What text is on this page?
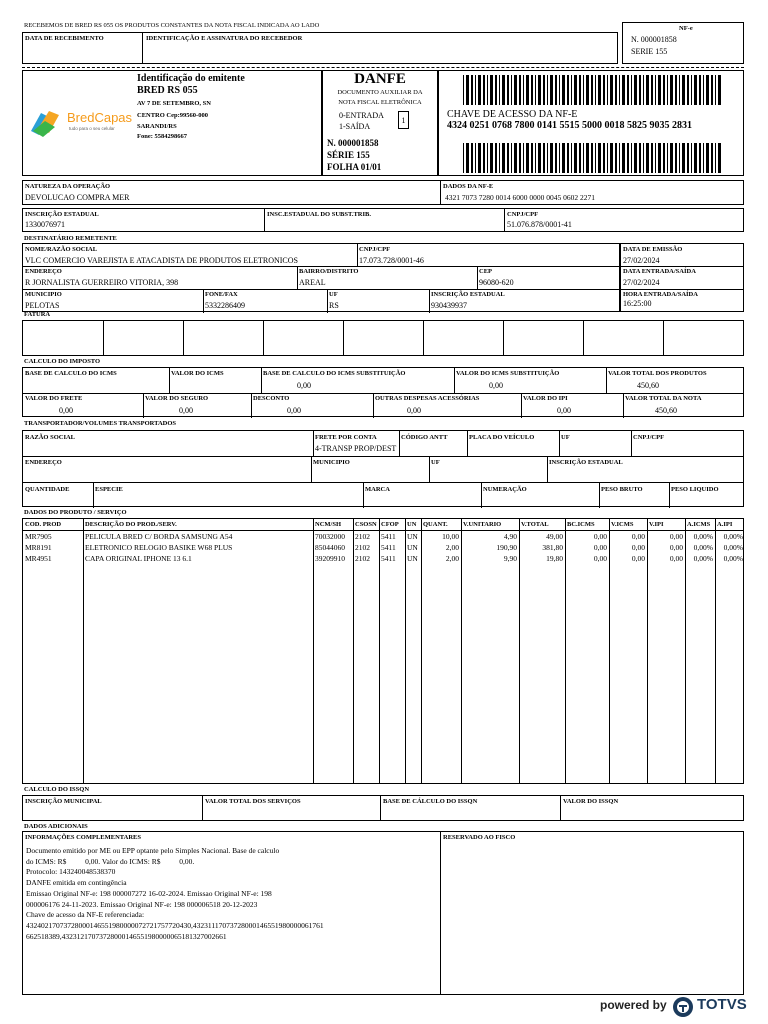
RECEBEMOS DE BRED RS 055 OS PRODUTOS CONSTANTES DA NOTA FISCAL INDICADA AO LADO
DATA DE RECEBIMENTO	IDENTIFICAÇÃO E ASSINATURA DO RECEBEDOR
NF-e
N. 000001858
SERIE 155
BredCapas
tudo para o seu celular
Identificação do emitente
BRED RS 055
AV 7 DE SETEMBRO, SN
CENTRO Cep:99560-000
SARANDI/RS
Fone: 5584298667
DANFE
DOCUMENTO AUXILIAR DA
NOTA FISCAL ELETRÔNICA
0-ENTRADA
1-SAÍDA
1
N. 000001858
SÉRIE 155
FOLHA 01/01
CHAVE DE ACESSO DA NF-E
4324 0251 0768 7800 0141 5515 5000 0018 5825 9035 2831
NATUREZA DA OPERAÇÃO
DEVOLUCAO COMPRA MER
DADOS DA NF-E
4321 7073 7280 0014 6000 0000 0045 0602 2271
INSCRIÇÃO ESTADUAL
1330076971
INSC.ESTADUAL DO SUBST.TRIB.	CNPJ/CPF
51.076.878/0001-41
DESTINATÁRIO REMETENTE
NOME/RAZÃO SOCIAL
VLC COMERCIO VAREJISTA E ATACADISTA DE PRODUTOS ELETRONICOS
CNPJ/CPF
17.073.728/0001-46
ENDEREÇO
R JORNALISTA GUERREIRO VITORIA, 398
BAIRRO/DISTRITO
AREAL
CEP
96080-620
MUNICIPIO
PELOTAS
FONE/FAX
5332286409
UF
RS
INSCRIÇÃO ESTADUAL
930439937
DATA DE EMISSÃO
27/02/2024
DATA ENTRADA/SAÍDA
27/02/2024
HORA ENTRADA/SAÍDA
16:25:00
FATURA
CALCULO DO IMPOSTO
BASE DE CALCULO DO ICMS	VALOR DO ICMS	BASE DE CALCULO DO ICMS SUBSTITUIÇÃO
0,00
VALOR DO ICMS SUBSTITUIÇÃO
0,00
VALOR TOTAL DOS PRODUTOS
450,60
VALOR DO FRETE
0,00
VALOR DO SEGURO
0,00
DESCONTO
0,00
OUTRAS DESPESAS ACESSÓRIAS
0,00
VALOR DO IPI
0,00
VALOR TOTAL DA NOTA
450,60
TRANSPORTADOR/VOLUMES TRANSPORTADOS
RAZÃO SOCIAL	FRETE POR CONTA
4-TRANSP PROP/DEST
CÓDIGO ANTT	PLACA DO VEÍCULO	UF	CNPJ/CPF
ENDEREÇO	MUNICIPIO	UF	INSCRIÇÃO ESTADUAL
QUANTIDADE	ESPECIE	MARCA	NUMERAÇÃO	PESO BRUTO	PESO LIQUIDO
DADOS DO PRODUTO / SERVIÇO
COD. PROD	DESCRIÇÃO DO PROD./SERV.	NCM/SH CSOSN CFOP UN QUANT. V.UNITARIO	V.TOTAL	BC.ICMS	V.ICMS V.IPI	A.ICMS A.IPI
MR7905	PELICULA BRED C/ BORDA SAMSUNG A54	70032000 2102 5411 UN	10,00	4,90	49,00	0,00	0,00	0,00	0,00%	0,00%
MR8191	ELETRONICO RELOGIO BASIKE W68 PLUS	85044060 2102 5411 UN	2,00	190,90	381,80	0,00	0,00	0,00	0,00%	0,00%
MR4951	CAPA ORIGINAL IPHONE 13 6.1	39209910 2102 5411 UN	2,00	9,90	19,80	0,00	0,00	0,00	0,00%	0,00%
CALCULO DO ISSQN
INSCRIÇÃO MUNICIPAL	VALOR TOTAL DOS SERVIÇOS	BASE DE CÁLCULO DO ISSQN	VALOR DO ISSQN
DADOS ADICIONAIS
INFORMAÇÕES COMPLEMENTARES	RESERVADO AO FISCO
Documento emitido por ME ou EPP optante pelo Simples Nacional. Base de calculo
do ICMS: R$          0,00. Valor do ICMS: R$          0,00.
Protocolo: 143240048538370
DANFE emitida em contingência
Emissao Original NF-e: 198 000007272 16-02-2024. Emissao Original NF-e: 198
000006176 24-11-2023. Emissao Original NF-e: 198 000006518 20-12-2023
Chave de acesso da NF-E referenciada:
43240217073728000146551980000072721757720430,43231117073728000146551980000061761
662518389,43231217073728000146551980000065181327002661
powered by TOTVS
